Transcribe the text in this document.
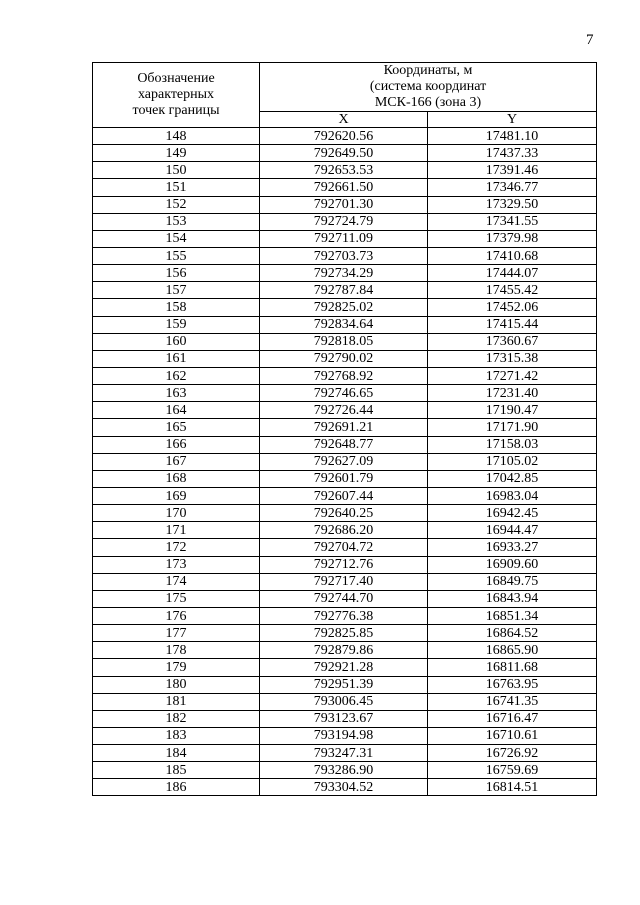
7
Обозначение
характерных
точек границы	Координаты, м
(система координат
МСК-166 (зона 3)	

	X	Y
148	792620.56	17481.10
149	792649.50	17437.33
150	792653.53	17391.46
151	792661.50	17346.77
152	792701.30	17329.50
153	792724.79	17341.55
154	792711.09	17379.98
155	792703.73	17410.68
156	792734.29	17444.07
157	792787.84	17455.42
158	792825.02	17452.06
159	792834.64	17415.44
160	792818.05	17360.67
161	792790.02	17315.38
162	792768.92	17271.42
163	792746.65	17231.40
164	792726.44	17190.47
165	792691.21	17171.90
166	792648.77	17158.03
167	792627.09	17105.02
168	792601.79	17042.85
169	792607.44	16983.04
170	792640.25	16942.45
171	792686.20	16944.47
172	792704.72	16933.27
173	792712.76	16909.60
174	792717.40	16849.75
175	792744.70	16843.94
176	792776.38	16851.34
177	792825.85	16864.52
178	792879.86	16865.90
179	792921.28	16811.68
180	792951.39	16763.95
181	793006.45	16741.35
182	793123.67	16716.47
183	793194.98	16710.61
184	793247.31	16726.92
185	793286.90	16759.69
186	793304.52	16814.51
